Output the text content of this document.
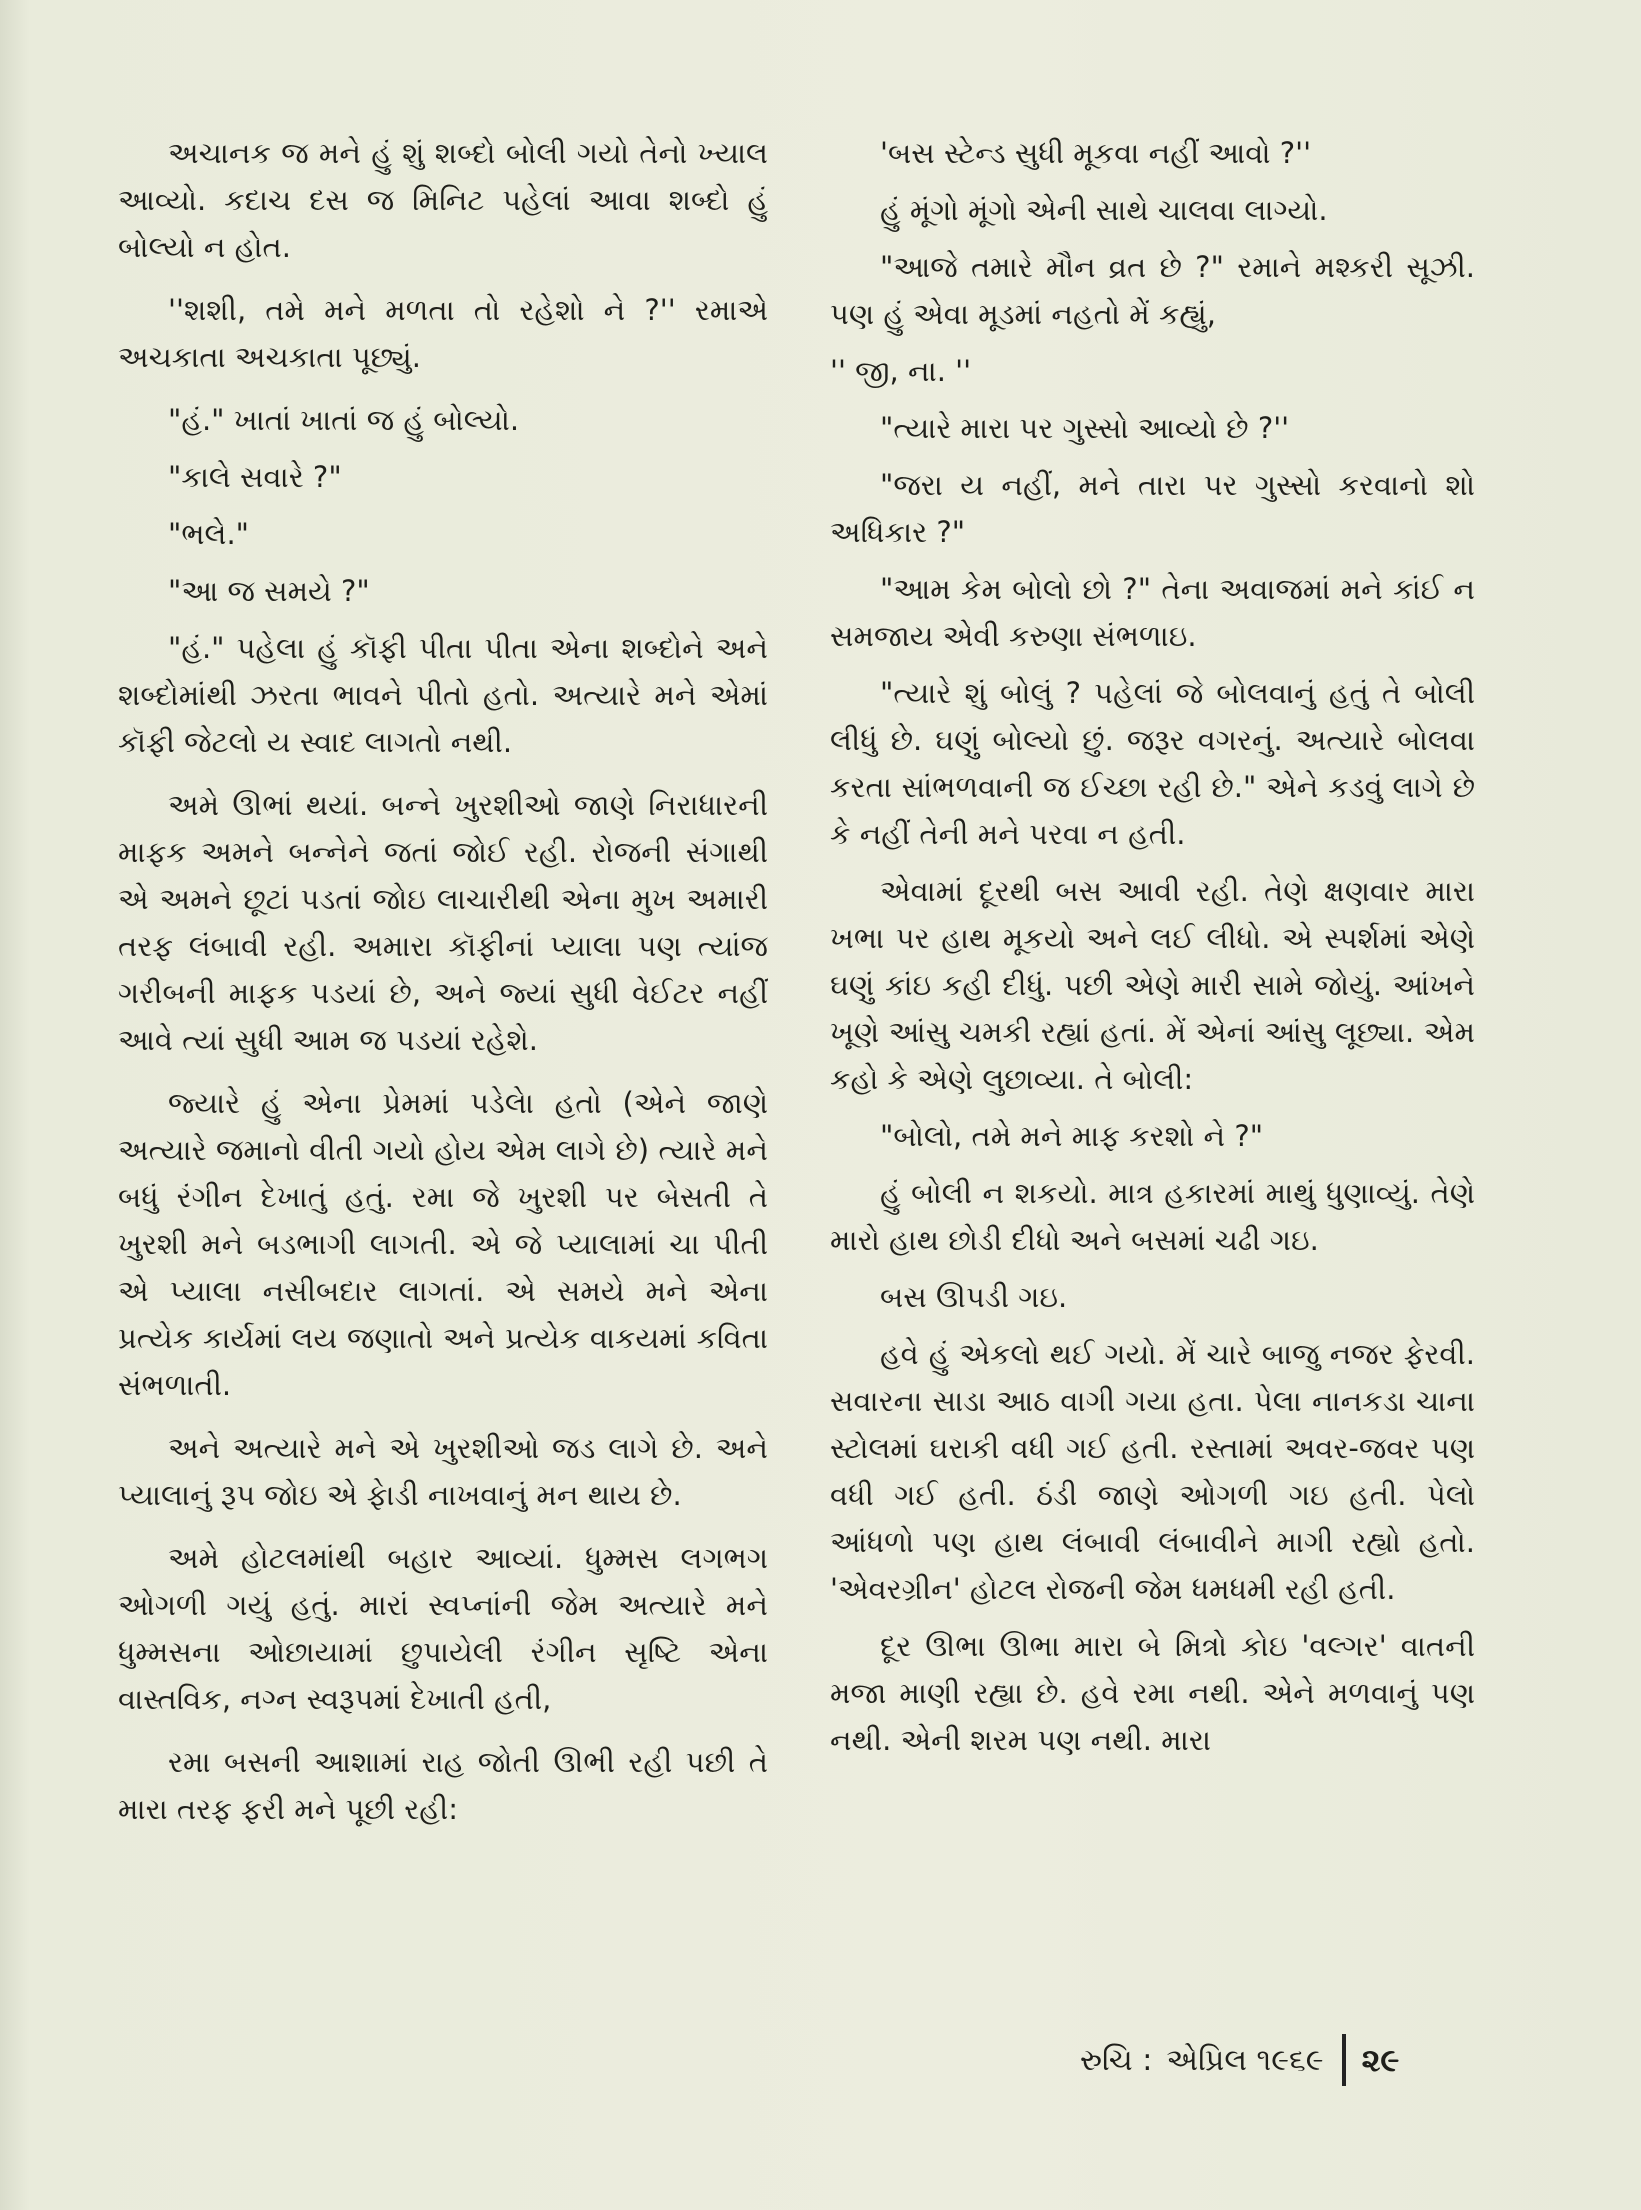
અચાનક જ મને હું શું શબ્દો બોલી ગયો તેનો ખ્યાલ આવ્યો. કદાચ દસ જ મિનિટ પહેલાં આવા શબ્દો હું બોલ્યો ન હોત.

''શશી, તમે મને મળતા તો રહેશો ને ?'' રમાએ અચકાતા અચકાતા પૂછ્યું.

"હં." ખાતાં ખાતાં જ હું બોલ્યો.

"કાલે સવારે ?"

"ભલે."

"આ જ સમયે ?"

"હં." પહેલા હું કૉફી પીતા પીતા એના શબ્દોને અને શબ્દોમાંથી ઝરતા ભાવને પીતો હતો. અત્યારે મને એમાં કૉફી જેટલો ય સ્વાદ લાગતો નથી.

અમે ઊભાં થયાં. બન્ને ખુરશીઓ જાણે નિરાધારની માફક અમને બન્નેને જતાં જોઈ રહી. રોજની સંગાથી એ અમને છૂટાં પડતાં જોઇ લાચારીથી એના મુખ અમારી તરફ લંબાવી રહી. અમારા કૉફીનાં પ્યાલા પણ ત્યાંજ ગરીબની માફક પડયાં છે, અને જ્યાં સુધી વેઈટર નહીં આવે ત્યાં સુધી આમ જ પડયાં રહેશે.

જ્યારે હું એના પ્રેમમાં પડેલેા હતો (એને જાણે અત્યારે જમાનો વીતી ગયો હોય એમ લાગે છે) ત્યારે મને બધું રંગીન દેખાતું હતું. રમા જે ખુરશી પર બેસતી તે ખુરશી મને બડભાગી લાગતી. એ જે પ્યાલામાં ચા પીતી એ પ્યાલા નસીબદાર લાગતાં. એ સમયે મને એના પ્રત્યેક કાર્યમાં લય જણાતો અને પ્રત્યેક વાકયમાં કવિતા સંભળાતી.

અને અત્યારે મને એ ખુરશીઓ જડ લાગે છે. અને પ્યાલાનું રૂપ જોઇ એ ફેાડી નાખવાનું મન થાય છે.

અમે હોટલમાંથી બહાર આવ્યાં. ધુમ્મસ લગભગ ઓગળી ગયું હતું. મારાં સ્વપ્નાંની જેમ અત્યારે મને ધુમ્મસના ઓછાયામાં છુપાયેલી રંગીન સૃષ્ટિ એના વાસ્તવિક, નગ્ન સ્વરૂપમાં દેખાતી હતી,

રમા બસની આશામાં રાહ જોતી ઊભી રહી પછી તે મારા તરફ ફરી મને પૂછી રહી:

'બસ સ્ટેન્ડ સુધી મૂકવા નહીં આવો ?''

હું મૂંગો મૂંગો એની સાથે ચાલવા લાગ્યો.

"આજે તમારે મૌન વ્રત છે ?" રમાને મશ્કરી સૂઝી. પણ હું એવા મૂડમાં નહતો મેં કહ્યું,

'' જી, ના. ''

"ત્યારે મારા પર ગુસ્સો આવ્યો છે ?''

"જરા ય નહીં, મને તારા પર ગુસ્સો કરવાનો શો અધિકાર ?"

"આમ કેમ બોલો છો ?" તેના અવાજમાં મને કાંઈ ન સમજાય એવી કરુણા સંભળાઇ.

"ત્યારે શું બોલું ? પહેલાં જે બોલવાનું હતું તે બોલી લીધું છે. ઘણું બોલ્યો છું. જરૂર વગરનું. અત્યારે બોલવા કરતા સાંભળવાની જ ઈચ્છા રહી છે." એને કડવું લાગે છે કે નહીં તેની મને પરવા ન હતી.

એવામાં દૂરથી બસ આવી રહી. તેણે ક્ષણવાર મારા ખભા પર હાથ મૂકયો અને લઈ લીધો. એ સ્પર્શમાં એણે ઘણું કાંઇ કહી દીધું. પછી એણે મારી સામે જોયું. આંખને ખૂણે આંસુ ચમકી રહ્યાં હતાં. મેં એનાં આંસુ લૂછ્યા. એમ કહો કે એણે લુછાવ્યા. તે બોલી:

"બોલો, તમે મને માફ કરશો ને ?"

હું બોલી ન શકયો. માત્ર હકારમાં માથું ધુણાવ્યું. તેણે મારો હાથ છોડી દીધો અને બસમાં ચઢી ગઇ.

બસ ઊપડી ગઇ.

હવે હું એકલો થઈ ગયો. મેં ચારે બાજુ નજર ફેરવી. સવારના સાડા આઠ વાગી ગયા હતા. પેલા નાનકડા ચાના સ્ટોલમાં ઘરાકી વધી ગઈ હતી. રસ્તામાં અવર-જવર પણ વધી ગઈ હતી. ઠંડી જાણે ઓગળી ગઇ હતી. પેલો આંધળો પણ હાથ લંબાવી લંબાવીને માગી રહ્યો હતો. 'એવરગ્રીન' હોટલ રોજની જેમ ધમધમી રહી હતી.

દૂર ઊભા ઊભા મારા બે મિત્રો કોઇ 'વલ્ગર' વાતની મજા માણી રહ્યા છે. હવે રમા નથી. એને મળવાનું પણ નથી. એની શરમ પણ નથી. મારા

રુચિ : એપ્રિલ ૧૯૬૯ ૨૯
